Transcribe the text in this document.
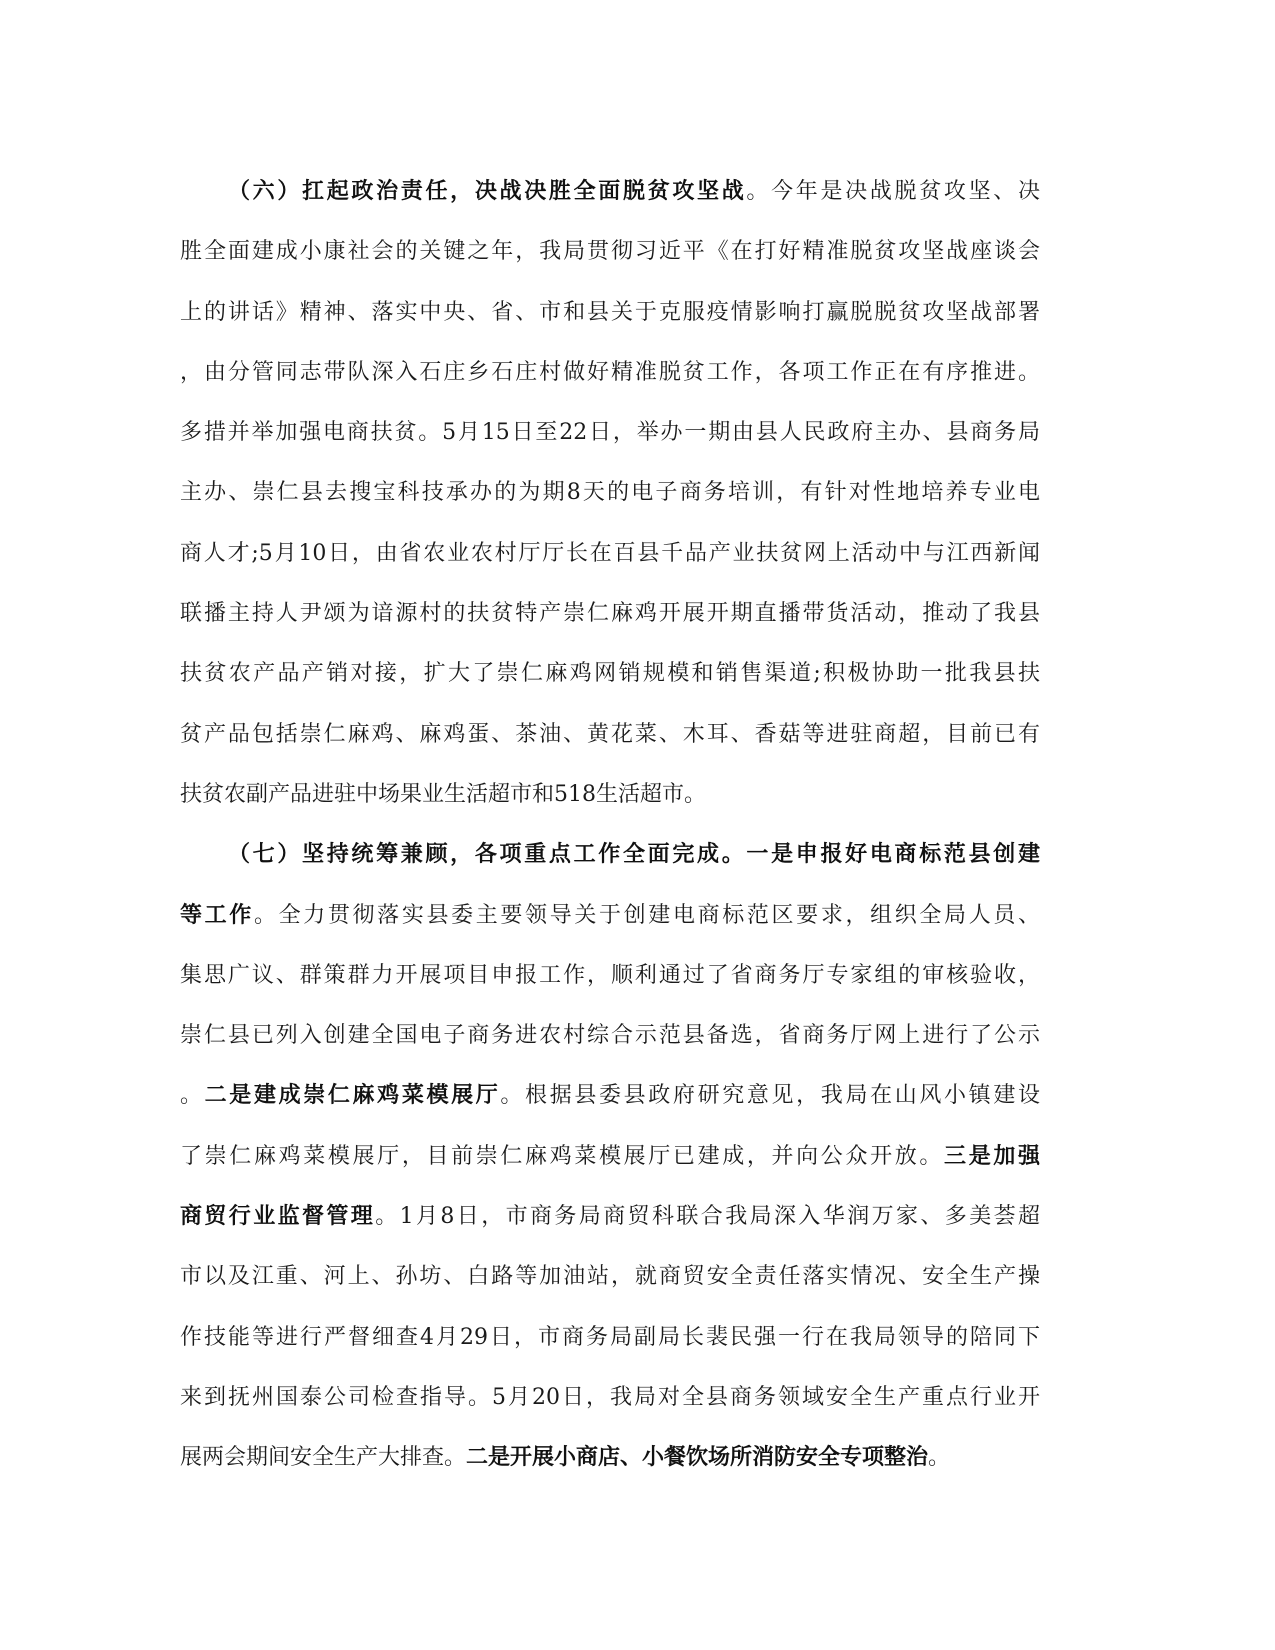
（六）扛起政治责任，决战决胜全面脱贫攻坚战。今年是决战脱贫攻坚、决
胜全面建成小康社会的关键之年，我局贯彻习近平《在打好精准脱贫攻坚战座谈会
上的讲话》精神、落实中央、省、市和县关于克服疫情影响打赢脱脱贫攻坚战部署
，由分管同志带队深入石庄乡石庄村做好精准脱贫工作，各项工作正在有序推进。
多措并举加强电商扶贫。5月15日至22日，举办一期由县人民政府主办、县商务局
主办、崇仁县去搜宝科技承办的为期8天的电子商务培训，有针对性地培养专业电
商人才;5月10日，由省农业农村厅厅长在百县千品产业扶贫网上活动中与江西新闻
联播主持人尹颂为谙源村的扶贫特产崇仁麻鸡开展开期直播带货活动，推动了我县
扶贫农产品产销对接，扩大了崇仁麻鸡网销规模和销售渠道;积极协助一批我县扶
贫产品包括崇仁麻鸡、麻鸡蛋、茶油、黄花菜、木耳、香菇等进驻商超，目前已有
扶贫农副产品进驻中场果业生活超市和518生活超市。
（七）坚持统筹兼顾，各项重点工作全面完成。一是申报好电商标范县创建
等工作。全力贯彻落实县委主要领导关于创建电商标范区要求，组织全局人员、
集思广议、群策群力开展项目申报工作，顺利通过了省商务厅专家组的审核验收，
崇仁县已列入创建全国电子商务进农村综合示范县备选，省商务厅网上进行了公示
。二是建成崇仁麻鸡菜模展厅。根据县委县政府研究意见，我局在山风小镇建设
了崇仁麻鸡菜模展厅，目前崇仁麻鸡菜模展厅已建成，并向公众开放。三是加强
商贸行业监督管理。1月8日，市商务局商贸科联合我局深入华润万家、多美荟超
市以及江重、河上、孙坊、白路等加油站，就商贸安全责任落实情况、安全生产操
作技能等进行严督细查4月29日，市商务局副局长裴民强一行在我局领导的陪同下
来到抚州国泰公司检查指导。5月20日，我局对全县商务领域安全生产重点行业开
展两会期间安全生产大排查。二是开展小商店、小餐饮场所消防安全专项整治。
